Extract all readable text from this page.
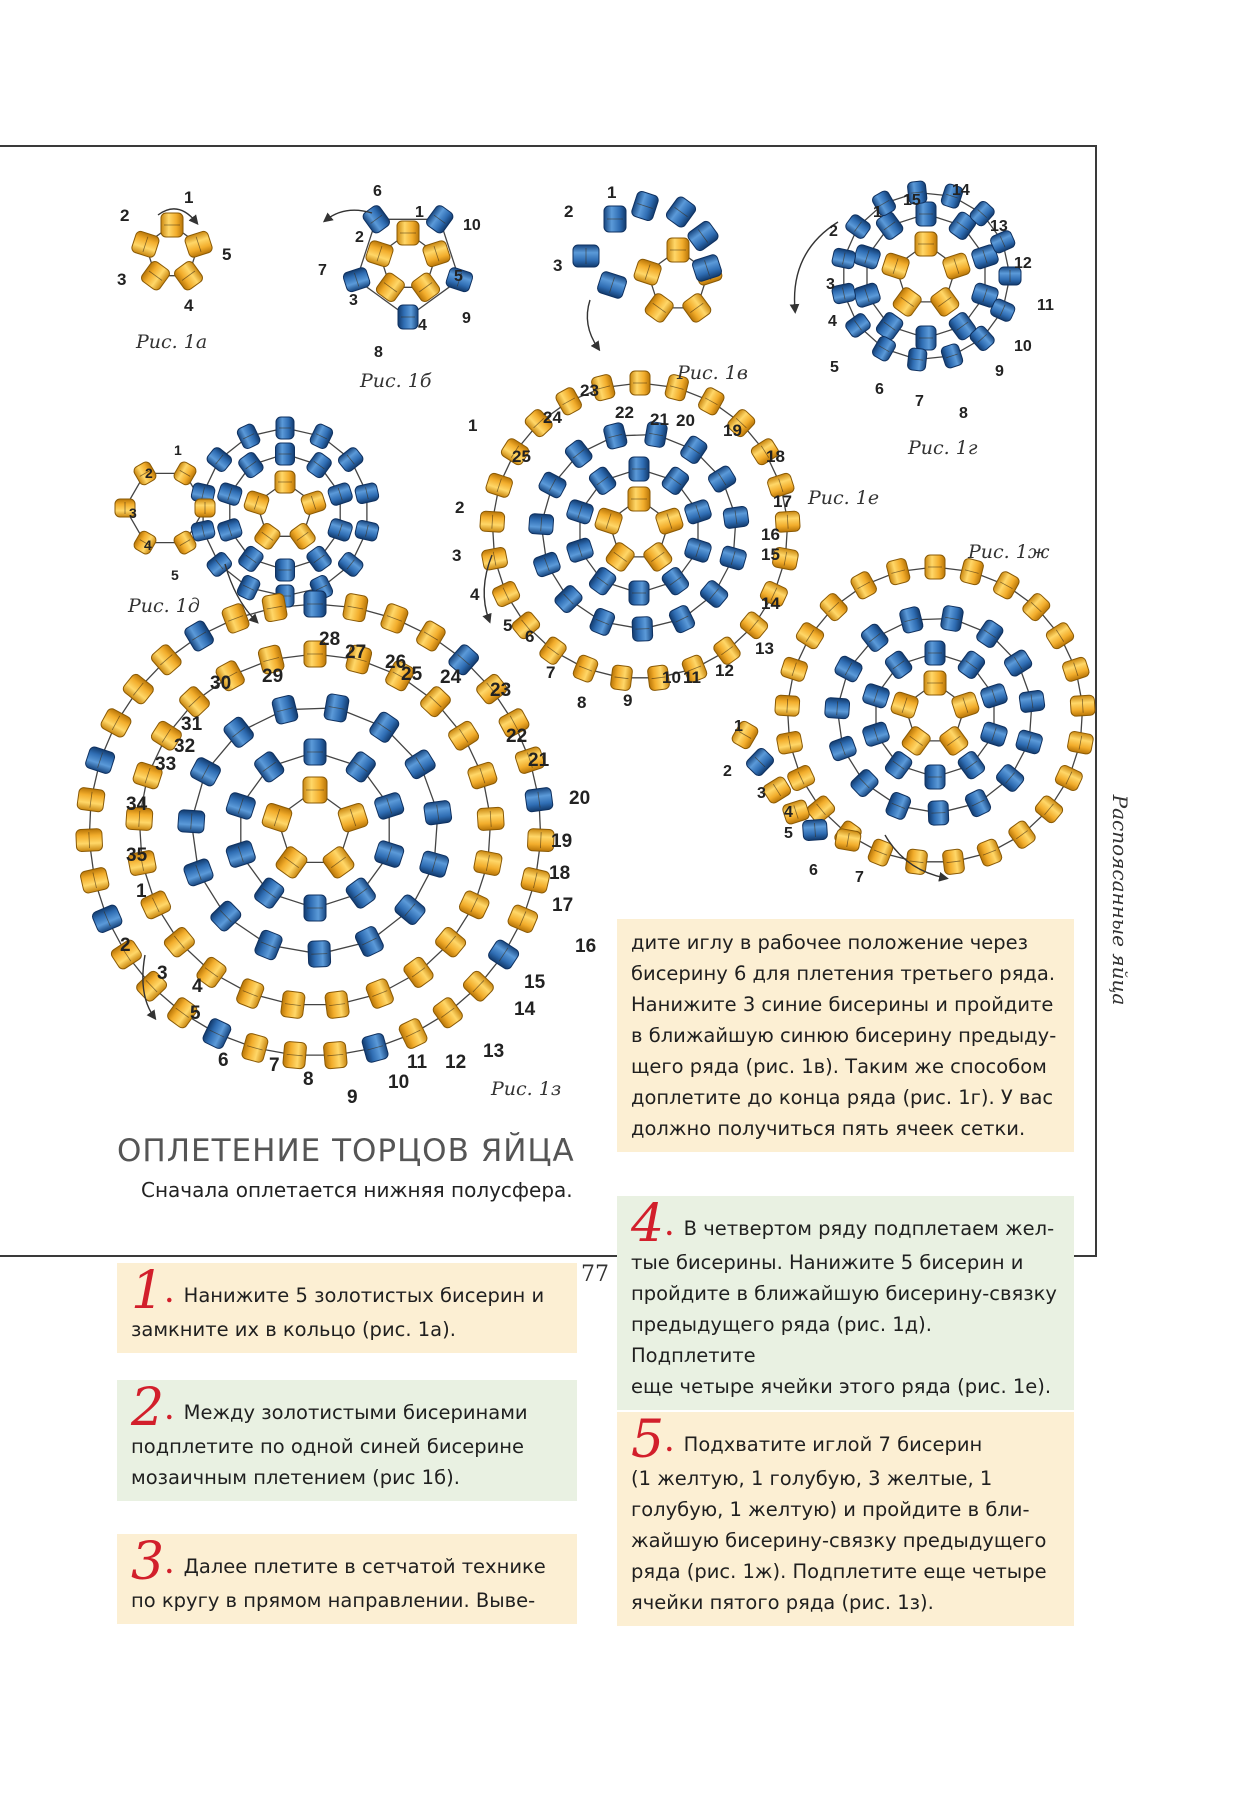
1
2
3
4
5
1
2
3
4
5
6
7
8
9
10
1
2
3
1
2
3
4
5
6
7
8
9
10
11
12
13
14
15
1
2
3
4
5
1
2
3
4
5
6
7
8 9
10 11 12
13
14
15
16
17
18
19
20
21
22
23
24
25
1
2
3
4
5
6 7
1
2
3
4
5
6 7
8
9
10
11 12
13
14
15
16
17
18
19
20
21
22
23
24
25
26
27
28
29
30
31
32
33
34
35
Рис. 1а
Рис. 1б	Рис. 1в
Рис. 1г
Рис. 1д
Рис. 1е
Рис. 1ж
Рис. 1з
ОПЛЕТЕНИЕ ТОРЦОВ ЯЙЦА
Сначала оплетается нижняя полусфера.
1. Нанижите 5 золотистых бисерин и
замкните их в кольцо (рис. 1а).
2. Между золотистыми бисеринами
подплетите по одной синей бисерине
мозаичным плетением (рис 1б).
3. Далее плетите в сетчатой технике
по кругу в прямом направлении. Выве-
дите иглу в рабочее положение через
бисерину 6 для плетения третьего ряда.
Нанижите 3 синие бисерины и пройдите
в ближайшую синюю бисерину предыду-
щего ряда (рис. 1в). Таким же способом
доплетите до конца ряда (рис. 1г). У вас
должно получиться пять ячеек сетки.
4. В четвертом ряду подплетаем жел-
тые бисерины. Нанижите 5 бисерин и
пройдите в ближайшую бисерину-связку
предыдущего ряда (рис. 1д). Подплетите
еще четыре ячейки этого ряда (рис. 1е).
5. Подхватите иглой 7 бисерин
(1 желтую, 1 голубую, 3 желтые, 1
голубую, 1 желтую) и пройдите в бли-
жайшую бисерину-связку предыдущего
ряда (рис. 1ж). Подплетите еще четыре
ячейки пятого ряда (рис. 1з).
Распоясанные яйца
77
